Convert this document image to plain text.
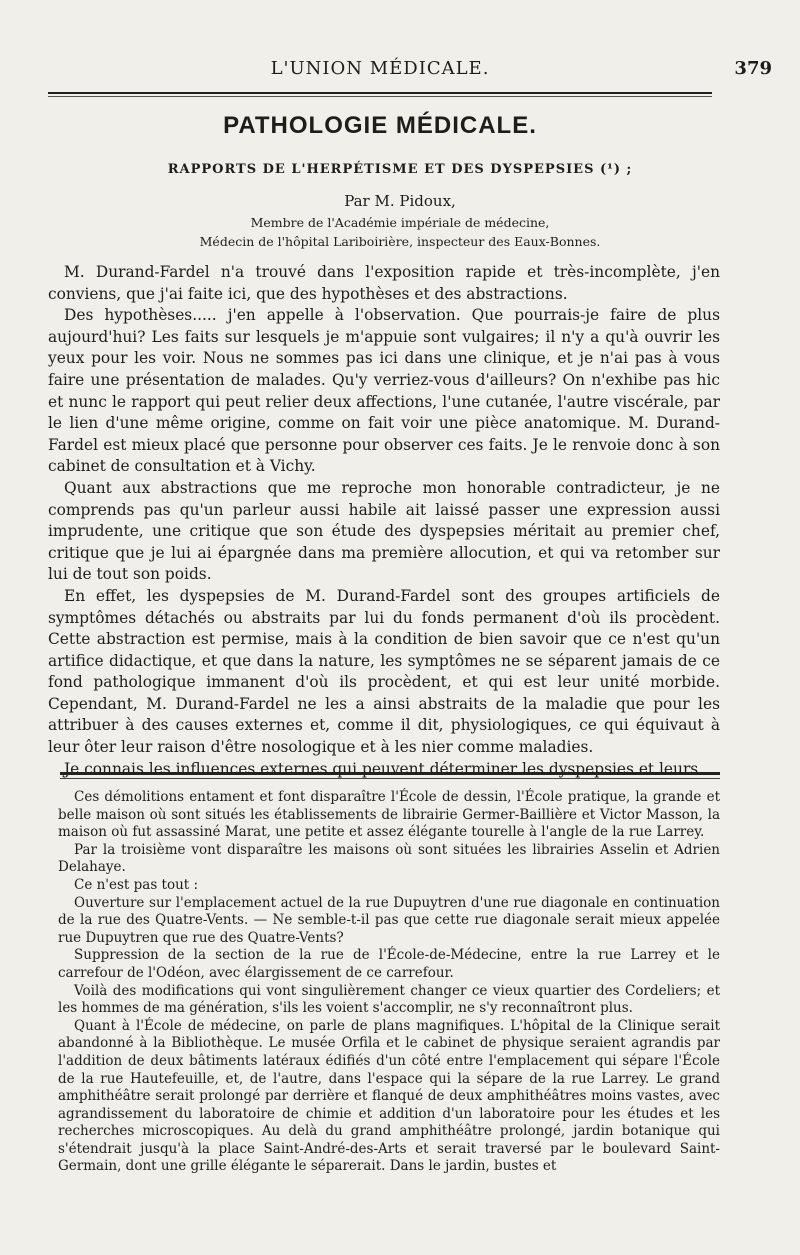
L'UNION MÉDICALE.	379
PATHOLOGIE MÉDICALE.
RAPPORTS DE L'HERPÉTISME ET DES DYSPEPSIES (¹) ;
Par M. Pidoux,
Membre de l'Académie impériale de médecine,
Médecin de l'hôpital Lariboirière, inspecteur des Eaux-Bonnes.

M. Durand-Fardel n'a trouvé dans l'exposition rapide et très-incomplète, j'en conviens, que j'ai faite ici, que des hypothèses et des abstractions.

Des hypothèses..... j'en appelle à l'observation. Que pourrais-je faire de plus aujourd'hui? Les faits sur lesquels je m'appuie sont vulgaires; il n'y a qu'à ouvrir les yeux pour les voir. Nous ne sommes pas ici dans une clinique, et je n'ai pas à vous faire une présentation de malades. Qu'y verriez-vous d'ailleurs? On n'exhibe pas hic et nunc le rapport qui peut relier deux affections, l'une cutanée, l'autre viscérale, par le lien d'une même origine, comme on fait voir une pièce anatomique. M. Durand-Fardel est mieux placé que personne pour observer ces faits. Je le renvoie donc à son cabinet de consultation et à Vichy.

Quant aux abstractions que me reproche mon honorable contradicteur, je ne comprends pas qu'un parleur aussi habile ait laissé passer une expression aussi imprudente, une critique que son étude des dyspepsies méritait au premier chef, critique que je lui ai épargnée dans ma première allocution, et qui va retomber sur lui de tout son poids.

En effet, les dyspepsies de M. Durand-Fardel sont des groupes artificiels de symptômes détachés ou abstraits par lui du fonds permanent d'où ils procèdent. Cette abstraction est permise, mais à la condition de bien savoir que ce n'est qu'un artifice didactique, et que dans la nature, les symptômes ne se séparent jamais de ce fond pathologique immanent d'où ils procèdent, et qui est leur unité morbide. Cependant, M. Durand-Fardel ne les a ainsi abstraits de la maladie que pour les attribuer à des causes externes et, comme il dit, physiologiques, ce qui équivaut à leur ôter leur raison d'être nosologique et à les nier comme maladies.

Je connais les influences externes qui peuvent déterminer les dyspepsies et leurs

Ces démolitions entament et font disparaître l'École de dessin, l'École pratique, la grande et belle maison où sont situés les établissements de librairie Germer-Baillière et Victor Masson, la maison où fut assassiné Marat, une petite et assez élégante tourelle à l'angle de la rue Larrey.

Par la troisième vont disparaître les maisons où sont situées les librairies Asselin et Adrien Delahaye.

Ce n'est pas tout :

Ouverture sur l'emplacement actuel de la rue Dupuytren d'une rue diagonale en continuation de la rue des Quatre-Vents. — Ne semble-t-il pas que cette rue diagonale serait mieux appelée rue Dupuytren que rue des Quatre-Vents?

Suppression de la section de la rue de l'École-de-Médecine, entre la rue Larrey et le carrefour de l'Odéon, avec élargissement de ce carrefour.

Voilà des modifications qui vont singulièrement changer ce vieux quartier des Cordeliers; et les hommes de ma génération, s'ils les voient s'accomplir, ne s'y reconnaîtront plus.

Quant à l'École de médecine, on parle de plans magnifiques. L'hôpital de la Clinique serait abandonné à la Bibliothèque. Le musée Orfila et le cabinet de physique seraient agrandis par l'addition de deux bâtiments latéraux édifiés d'un côté entre l'emplacement qui sépare l'École de la rue Hautefeuille, et, de l'autre, dans l'espace qui la sépare de la rue Larrey. Le grand amphithéâtre serait prolongé par derrière et flanqué de deux amphithéâtres moins vastes, avec agrandissement du laboratoire de chimie et addition d'un laboratoire pour les études et les recherches microscopiques. Au delà du grand amphithéâtre prolongé, jardin botanique qui s'étendrait jusqu'à la place Saint-André-des-Arts et serait traversé par le boulevard Saint-Germain, dont une grille élégante le séparerait. Dans le jardin, bustes et
